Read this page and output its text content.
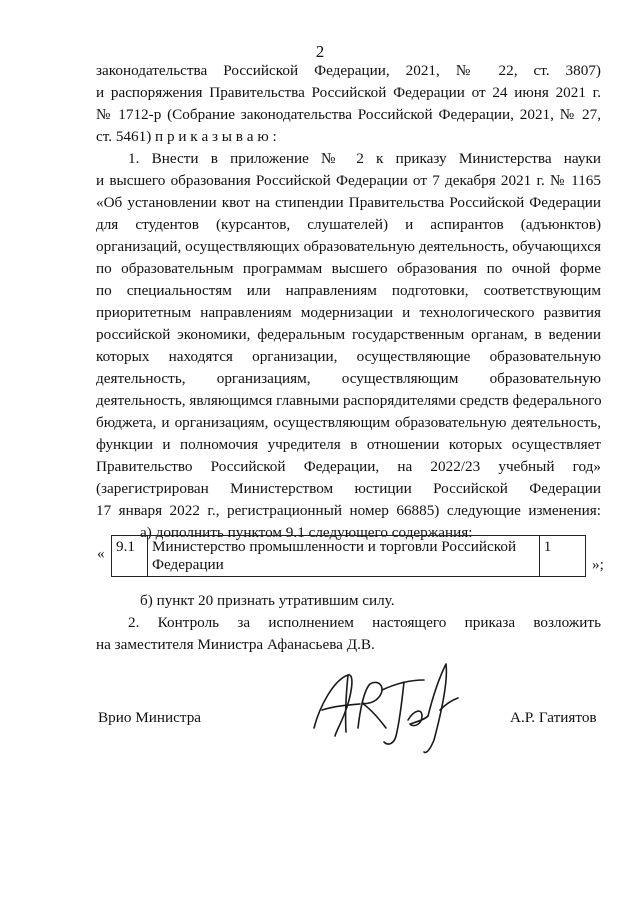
2
законодательства Российской Федерации, 2021, № 22, ст. 3807)
и распоряжения Правительства Российской Федерации от 24 июня 2021 г.
№ 1712-р (Собрание законодательства Российской Федерации, 2021, № 27,
ст. 5461) п р и к а з ы в а ю :
1. Внести в приложение № 2 к приказу Министерства науки
и высшего образования Российской Федерации от 7 декабря 2021 г. № 1165
«Об установлении квот на стипендии Правительства Российской Федерации
для студентов (курсантов, слушателей) и аспирантов (адъюнктов)
организаций, осуществляющих образовательную деятельность, обучающихся
по образовательным программам высшего образования по очной форме
по специальностям или направлениям подготовки, соответствующим
приоритетным направлениям модернизации и технологического развития
российской экономики, федеральным государственным органам, в ведении
которых находятся организации, осуществляющие образовательную
деятельность, организациям, осуществляющим образовательную
деятельность, являющимся главными распорядителями средств федерального
бюджета, и организациям, осуществляющим образовательную деятельность,
функции и полномочия учредителя в отношении которых осуществляет
Правительство Российской Федерации, на 2022/23 учебный год»
(зарегистрирован Министерством юстиции Российской Федерации
17 января 2022 г., регистрационный номер 66885) следующие изменения:
а) дополнить пунктом 9.1 следующего содержания:
« 9.1	Министерство промышленности и торговли Российской Федерации	1
»;
б) пункт 20 признать утратившим силу.
2. Контроль за исполнением настоящего приказа возложить
на заместителя Министра Афанасьева Д.В.
Врио Министра	А.Р. Гатиятов
